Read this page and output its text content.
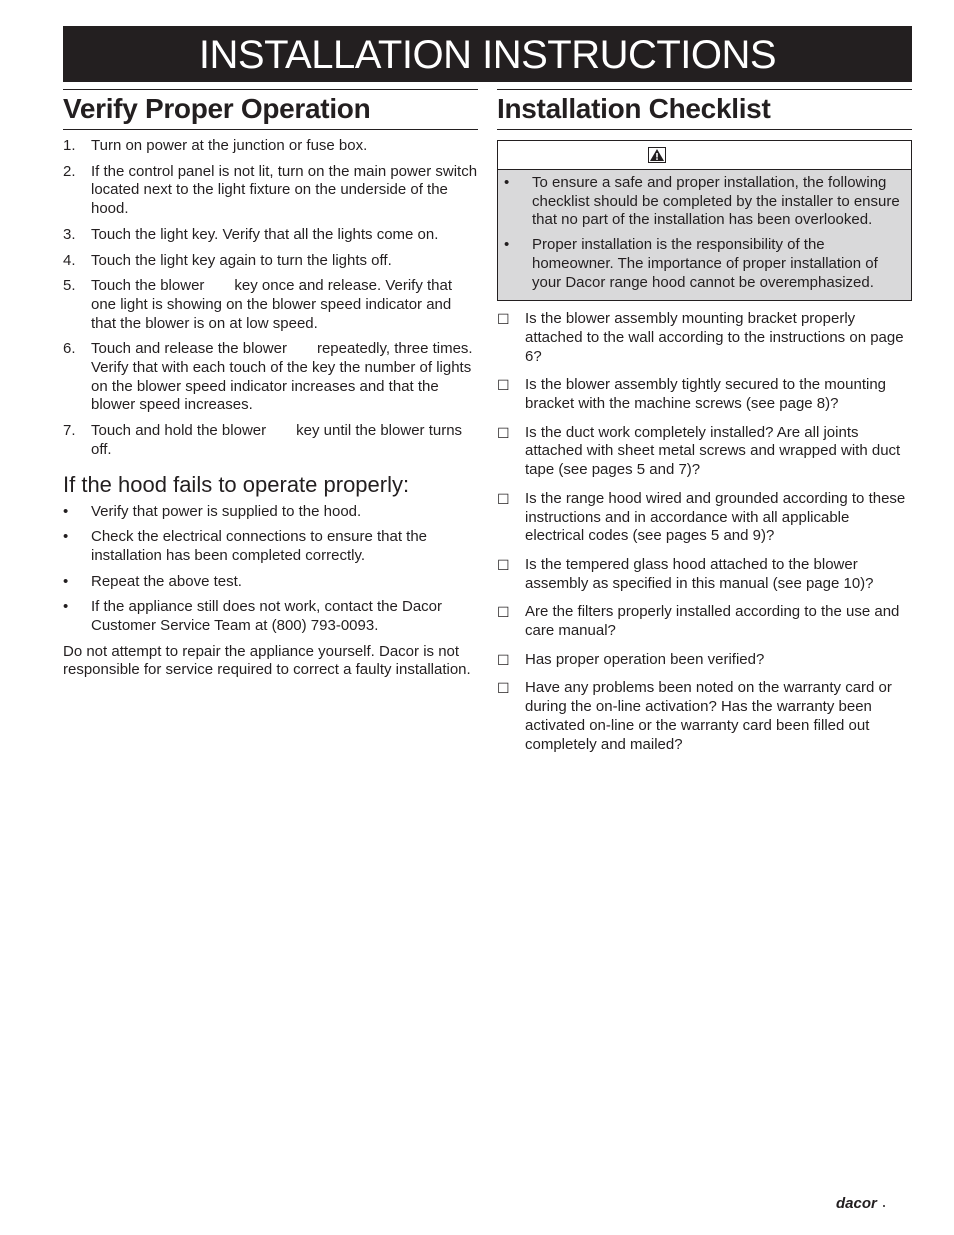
INSTALLATION INSTRUCTIONS
Verify Proper Operation
1.	Turn on power at the junction or fuse box.
2.	If the control panel is not lit, turn on the main power switch located next to the light fixture on the underside of the hood.
3.	Touch the light key. Verify that all the lights come on.
4.	Touch the light key again to turn the lights off.
5.	Touch the blower key once and release. Verify that one light is showing on the blower speed indicator and that the blower is on at low speed.
6.	Touch and release the blower repeatedly, three times. Verify that with each touch of the key the number of lights on the blower speed indicator increases and that the blower speed increases.
7.	Touch and hold the blower key until the blower turns off.
If the hood fails to operate properly:
•	Verify that power is supplied to the hood.
•	Check the electrical connections to ensure that the installation has been completed correctly.
•	Repeat the above test.
•	If the appliance still does not work, contact the Dacor Customer Service Team at (800) 793-0093.
Do not attempt to repair the appliance yourself. Dacor is not responsible for service required to correct a faulty installation.
Installation Checklist
•	To ensure a safe and proper installation, the following checklist should be completed by the installer to ensure that no part of the installation has been overlooked.
•	Proper installation is the responsibility of the homeowner. The importance of proper installation of your Dacor range hood cannot be overemphasized.
☐	Is the blower assembly mounting bracket properly attached to the wall according to the instructions on page 6?
☐	Is the blower assembly tightly secured to the mounting bracket with the machine screws (see page 8)?
☐	Is the duct work completely installed? Are all joints attached with sheet metal screws and wrapped with duct tape (see pages 5 and 7)?
☐	Is the range hood wired and grounded according to these instructions and in accordance with all applicable electrical codes (see pages 5 and 9)?
☐	Is the tempered glass hood attached to the blower assembly as specified in this manual (see page 10)?
☐	Are the filters properly installed according to the use and care manual?
☐	Has proper operation been verified?
☐	Have any problems been noted on the warranty card or during the on-line activation? Has the warranty been activated on-line or the warranty card been filled out completely and mailed?
dacor
